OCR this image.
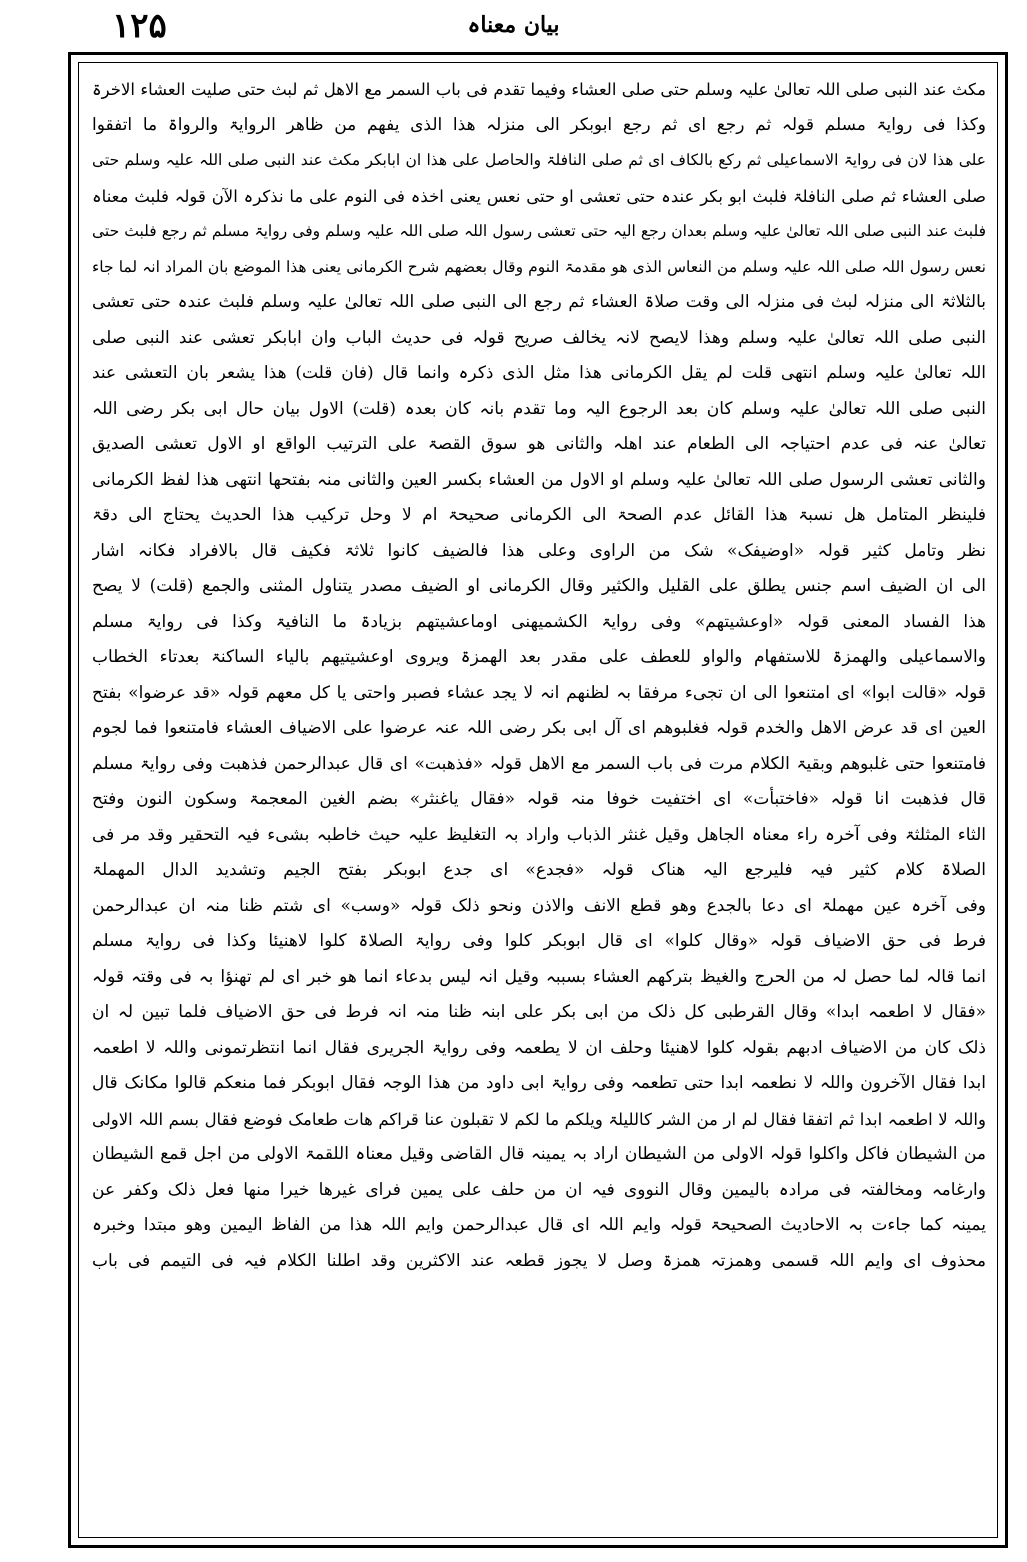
۱۲۵	بیان معناہ
مکث عند النبی صلی اللہ تعالیٰ علیہ وسلم حتی صلی العشاء وفیما تقدم فی باب السمر مع الاھل ثم لبث حتی صلیت العشاء الاخرۃ
وکذا فی روایۃ مسلم قولہ ثم رجع ای ثم رجع ابوبکر الی منزلہ ھذا الذی یفھم من ظاھر الروایۃ والرواۃ ما اتفقوا
علی ھذا لان فی روایۃ الاسماعیلی ثم رکع بالکاف ای ثم صلی النافلۃ والحاصل علی ھذا ان ابابکر مکث عند النبی صلی اللہ علیہ وسلم حتی
صلی العشاء ثم صلی النافلۃ فلبث ابو بکر عندہ حتی تعشی او حتی نعس یعنی اخذہ فی النوم علی ما نذکرہ الآن قولہ فلبث معناہ
فلبث عند النبی صلی اللہ تعالیٰ علیہ وسلم بعدان رجع الیہ حتی تعشی رسول اللہ صلی اللہ علیہ وسلم وفی روایۃ مسلم ثم رجع فلبث حتی
نعس رسول اللہ صلی اللہ علیہ وسلم من النعاس الذی ھو مقدمۃ النوم وقال بعضھم شرح الکرمانی یعنی ھذا الموضع بان المراد انہ لما جاء
بالثلاثۃ الی منزلہ لبث فی منزلہ الی وقت صلاۃ العشاء ثم رجع الی النبی صلی اللہ تعالیٰ علیہ وسلم فلبث عندہ حتی تعشی
النبی صلی اللہ تعالیٰ علیہ وسلم وھذا لایصح لانہ یخالف صریح قولہ فی حدیث الباب وان ابابکر تعشی عند النبی صلی
اللہ تعالیٰ علیہ وسلم انتھی قلت لم یقل الکرمانی ھذا مثل الذی ذکرہ وانما قال (فان قلت) ھذا یشعر بان التعشی عند
النبی صلی اللہ تعالیٰ علیہ وسلم کان بعد الرجوع الیہ وما تقدم بانہ کان بعدہ (قلت) الاول بیان حال ابی بکر رضی اللہ
تعالیٰ عنہ فی عدم احتیاجہ الی الطعام عند اھلہ والثانی ھو سوق القصۃ علی الترتیب الواقع او الاول تعشی الصدیق
والثانی تعشی الرسول صلی اللہ تعالیٰ علیہ وسلم او الاول من العشاء بکسر العین والثانی منہ بفتحھا انتھی ھذا لفظ الکرمانی
فلینظر المتامل ھل نسبۃ ھذا القائل عدم الصحۃ الی الکرمانی صحیحۃ ام لا وحل ترکیب ھذا الحدیث یحتاج الی دقۃ
نظر وتامل کثیر قولہ «اوضیفک» شک من الراوی وعلی ھذا فالضیف کانوا ثلاثۃ فکیف قال بالافراد فکانہ اشار
الی ان الضیف اسم جنس یطلق علی القلیل والکثیر وقال الکرمانی او الضیف مصدر یتناول المثنی والجمع (قلت) لا یصح
ھذا الفساد المعنی قولہ «اوعشیتھم» وفی روایۃ الکشمیھنی اوماعشیتھم بزیادۃ ما النافیۃ وکذا فی روایۃ مسلم
والاسماعیلی والھمزۃ للاستفھام والواو للعطف علی مقدر بعد الھمزۃ ویروی اوعشیتیھم بالیاء الساکنۃ بعدتاء الخطاب
قولہ «قالت ابوا» ای امتنعوا الی ان تجیء مرفقا بہ لظنھم انہ لا یجد عشاء فصبر واحتی یا کل معھم قولہ «قد عرضوا» بفتح
العین ای قد عرض الاھل والخدم قولہ فغلبوھم ای آل ابی بکر رضی اللہ عنہ عرضوا علی الاضیاف العشاء فامتنعوا فما لجوم
فامتنعوا حتی غلبوھم وبقیۃ الکلام مرت فی باب السمر مع الاھل قولہ «فذھبت» ای قال عبدالرحمن فذھبت وفی روایۃ مسلم
قال فذھبت انا قولہ «فاختبأت» ای اختفیت خوفا منہ قولہ «فقال یاغنثر» بضم الغین المعجمۃ وسکون النون وفتح
الثاء المثلثۃ وفی آخرہ راء معناہ الجاھل وقیل غنثر الذباب واراد بہ التغلیظ علیہ حیث خاطبہ بشیء فیہ التحقیر وقد مر فی
الصلاۃ کلام کثیر فیہ فلیرجع الیہ ھناک قولہ «فجدع» ای جدع ابوبکر بفتح الجیم وتشدید الدال المھملۃ
وفی آخرہ عین مھملۃ ای دعا بالجدع وھو قطع الانف والاذن ونحو ذلک قولہ «وسب» ای شتم ظنا منہ ان عبدالرحمن
فرط فی حق الاضیاف قولہ «وقال کلوا» ای قال ابوبکر کلوا وفی روایۃ الصلاۃ کلوا لاھنیئا وکذا فی روایۃ مسلم
انما قالہ لما حصل لہ من الحرج والغیظ بترکھم العشاء بسببہ وقیل انہ لیس بدعاء انما ھو خبر ای لم تھنؤا بہ فی وقتہ قولہ
«فقال لا اطعمہ ابدا» وقال القرطبی کل ذلک من ابی بکر علی ابنہ ظنا منہ انہ فرط فی حق الاضیاف فلما تبین لہ ان
ذلک کان من الاضیاف ادبھم بقولہ کلوا لاھنیئا وحلف ان لا یطعمہ وفی روایۃ الجریری فقال انما انتظرتمونی واللہ لا اطعمہ
ابدا فقال الآخرون واللہ لا نطعمہ ابدا حتی تطعمہ وفی روایۃ ابی داود من ھذا الوجہ فقال ابوبکر فما منعکم قالوا مکانک قال
واللہ لا اطعمہ ابدا ثم اتفقا فقال لم ار من الشر کاللیلۃ ویلکم ما لکم لا تقبلون عنا قراکم ھات طعامک فوضع فقال بسم اللہ الاولی
من الشیطان فاکل واکلوا قولہ الاولی من الشیطان اراد بہ یمینہ قال القاضی وقیل معناہ اللقمۃ الاولی من اجل قمع الشیطان
وارغامہ ومخالفتہ فی مرادہ بالیمین وقال النووی فیہ ان من حلف علی یمین فرای غیرھا خیرا منھا فعل ذلک وکفر عن
یمینہ کما جاءت بہ الاحادیث الصحیحۃ قولہ وایم اللہ ای قال عبدالرحمن وایم اللہ ھذا من الفاظ الیمین وھو مبتدا وخبرہ
محذوف ای وایم اللہ قسمی وھمزتہ ھمزۃ وصل لا یجوز قطعہ عند الاکثرین وقد اطلنا الکلام فیہ فی التیمم فی باب
